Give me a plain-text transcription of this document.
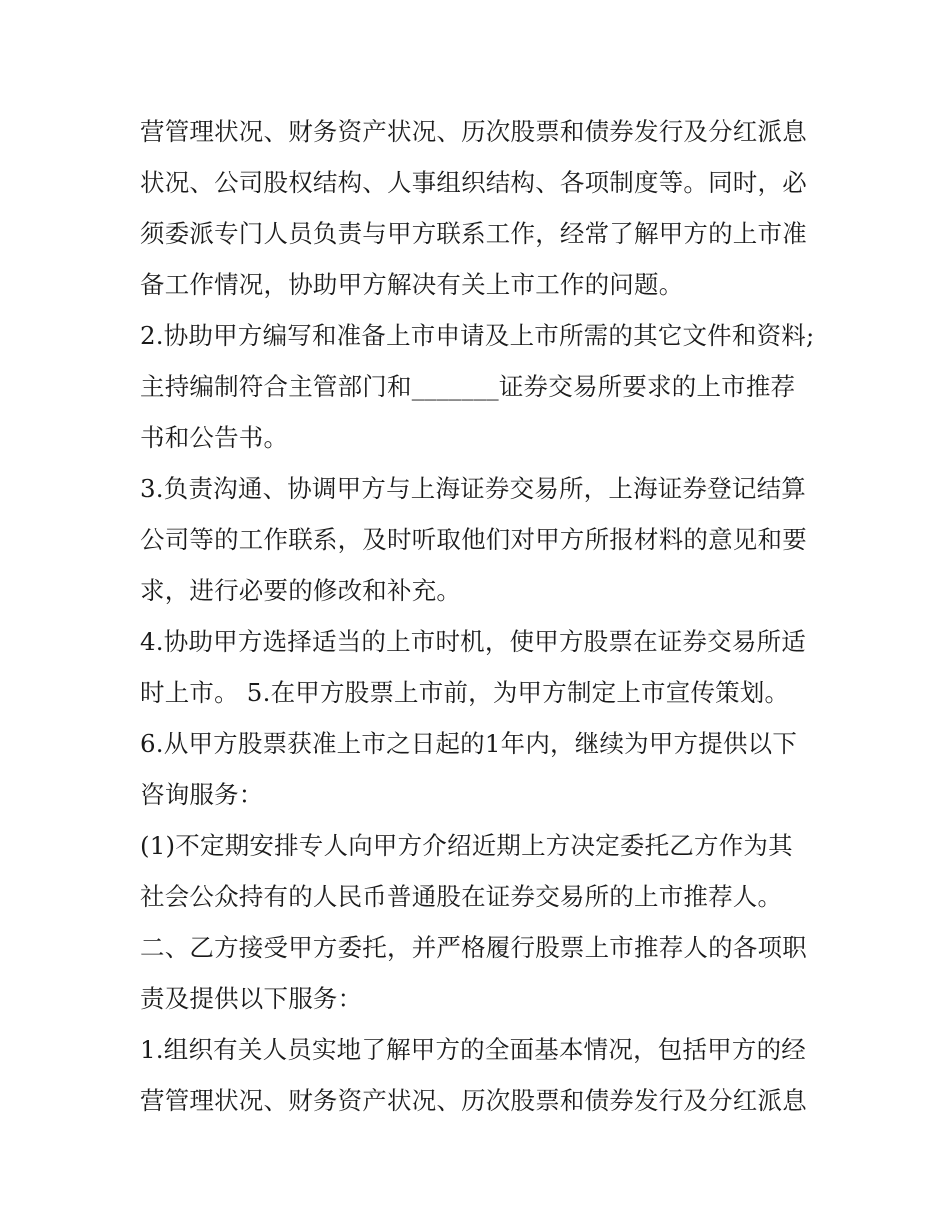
营管理状况、财务资产状况、历次股票和债券发行及分红派息
状况、公司股权结构、人事组织结构、各项制度等。同时，必
须委派专门人员负责与甲方联系工作，经常了解甲方的上市准
备工作情况，协助甲方解决有关上市工作的问题。
2.协助甲方编写和准备上市申请及上市所需的其它文件和资料;
主持编制符合主管部门和_______证券交易所要求的上市推荐
书和公告书。
3.负责沟通、协调甲方与上海证券交易所，上海证券登记结算
公司等的工作联系，及时听取他们对甲方所报材料的意见和要
求，进行必要的修改和补充。
4.协助甲方选择适当的上市时机，使甲方股票在证券交易所适
时上市。 5.在甲方股票上市前，为甲方制定上市宣传策划。
6.从甲方股票获准上市之日起的1年内，继续为甲方提供以下
咨询服务：
(1)不定期安排专人向甲方介绍近期上方决定委托乙方作为其
社会公众持有的人民币普通股在证券交易所的上市推荐人。
二、乙方接受甲方委托，并严格履行股票上市推荐人的各项职
责及提供以下服务：
1.组织有关人员实地了解甲方的全面基本情况，包括甲方的经
营管理状况、财务资产状况、历次股票和债券发行及分红派息
